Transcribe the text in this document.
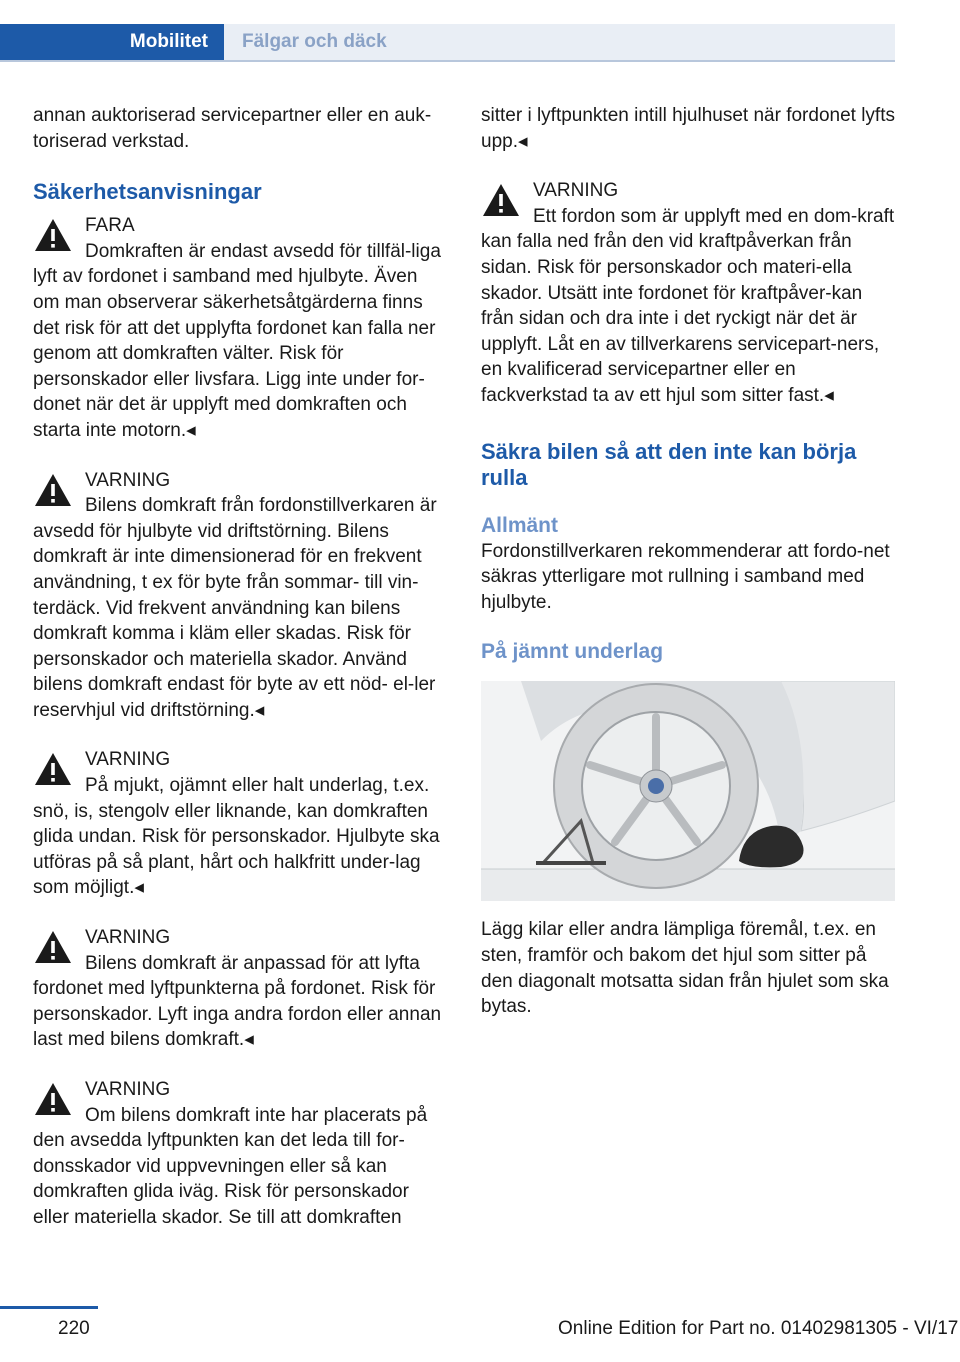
Mobilitet Fälgar och däck

annan auktoriserad servicepartner eller en auk-toriserad verkstad.

Säkerhetsanvisningar

FARA
Domkraften är endast avsedd för tillfäl-liga lyft av fordonet i samband med hjulbyte. Även om man observerar säkerhetsåtgärderna finns det risk för att det upplyfta fordonet kan falla ner genom att domkraften välter. Risk för personskador eller livsfara. Ligg inte under for-donet när det är upplyft med domkraften och starta inte motorn.◂
VARNING
Bilens domkraft från fordonstillverkaren är avsedd för hjulbyte vid driftstörning. Bilens domkraft är inte dimensionerad för en frekvent användning, t ex för byte från sommar- till vin-terdäck. Vid frekvent användning kan bilens domkraft komma i kläm eller skadas. Risk för personskador och materiella skador. Använd bilens domkraft endast för byte av ett nöd- el-ler reservhjul vid driftstörning.◂
VARNING
På mjukt, ojämnt eller halt underlag, t.ex. snö, is, stengolv eller liknande, kan domkraften glida undan. Risk för personskador. Hjulbyte ska utföras på så plant, hårt och halkfritt under-lag som möjligt.◂
VARNING
Bilens domkraft är anpassad för att lyfta fordonet med lyftpunkterna på fordonet. Risk för personskador. Lyft inga andra fordon eller annan last med bilens domkraft.◂
VARNING
Om bilens domkraft inte har placerats på den avsedda lyftpunkten kan det leda till for-donsskador vid uppvevningen eller så kan domkraften glida iväg. Risk för personskador eller materiella skador. Se till att domkraften

sitter i lyftpunkten intill hjulhuset när fordonet lyfts upp.◂

VARNING
Ett fordon som är upplyft med en dom-kraft kan falla ned från den vid kraftpåverkan från sidan. Risk för personskador och materi-ella skador. Utsätt inte fordonet för kraftpåver-kan från sidan och dra inte i det ryckigt när det är upplyft. Låt en av tillverkarens servicepart-ners, en kvalificerad servicepartner eller en fackverkstad ta av ett hjul som sitter fast.◂

Säkra bilen så att den inte kan börja rulla

Allmänt

Fordonstillverkaren rekommenderar att fordo-net säkras ytterligare mot rullning i samband med hjulbyte.

På jämnt underlag

Lägg kilar eller andra lämpliga föremål, t.ex. en sten, framför och bakom det hjul som sitter på den diagonalt motsatta sidan från hjulet som ska bytas.

220	Online Edition for Part no. 01402981305 - VI/17
